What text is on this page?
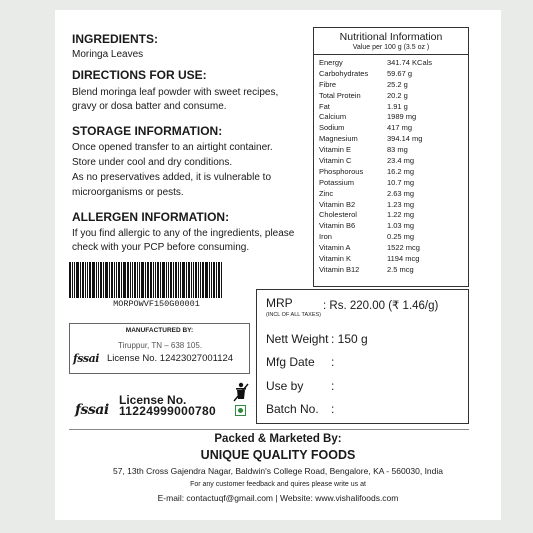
INGREDIENTS:
Moringa Leaves
DIRECTIONS FOR USE:
Blend moringa leaf powder with sweet recipes,
gravy or dosa batter and consume.
STORAGE INFORMATION:
Once opened transfer to an airtight container.
Store under cool and dry conditions.
As no preservatives added, it is vulnerable to
microorganisms or pests.
ALLERGEN INFORMATION:
If you find allergic to any of the ingredients, please
check with your PCP before consuming.
Nutritional Information
Value per 100 g (3.5 oz )
Energy	341.74 KCals
Carbohydrates	59.67 g
Fibre	25.2 g
Total Protein	20.2 g
Fat	1.91 g
Calcium	1989 mg
Sodium	417 mg
Magnesium	394.14 mg
Vitamin E	83 mg
Vitamin C	23.4 mg
Phosphorous	16.2 mg
Potassium	10.7 mg
Zinc	2.63 mg
Vitamin B2	1.23 mg
Cholesterol	1.22 mg
Vitamin B6	1.03 mg
Iron	0.25 mg
Vitamin A	1522 mcg
Vitamin K	1194 mcg
Vitamin B12	2.5 mcg
MORPOWVF150G00001	MRP
(INCL OF ALL TAXES)
: Rs. 220.00 (₹ 1.46/g)
Nett Weight : 150 g
Mfg Date :
Use by :
Batch No. :
MANUFACTURED BY:
Tiruppur, TN – 638 105.
fssai License No. 12423027001124
fssai
License No.
11224999000780
Packed & Marketed By:
UNIQUE QUALITY FOODS
57, 13th Cross Gajendra Nagar, Baldwin's College Road, Bengalore, KA - 560030, India
For any customer feedback and quires please write us at
E-mail: contactuqf@gmail.com | Website: www.vishalifoods.com
